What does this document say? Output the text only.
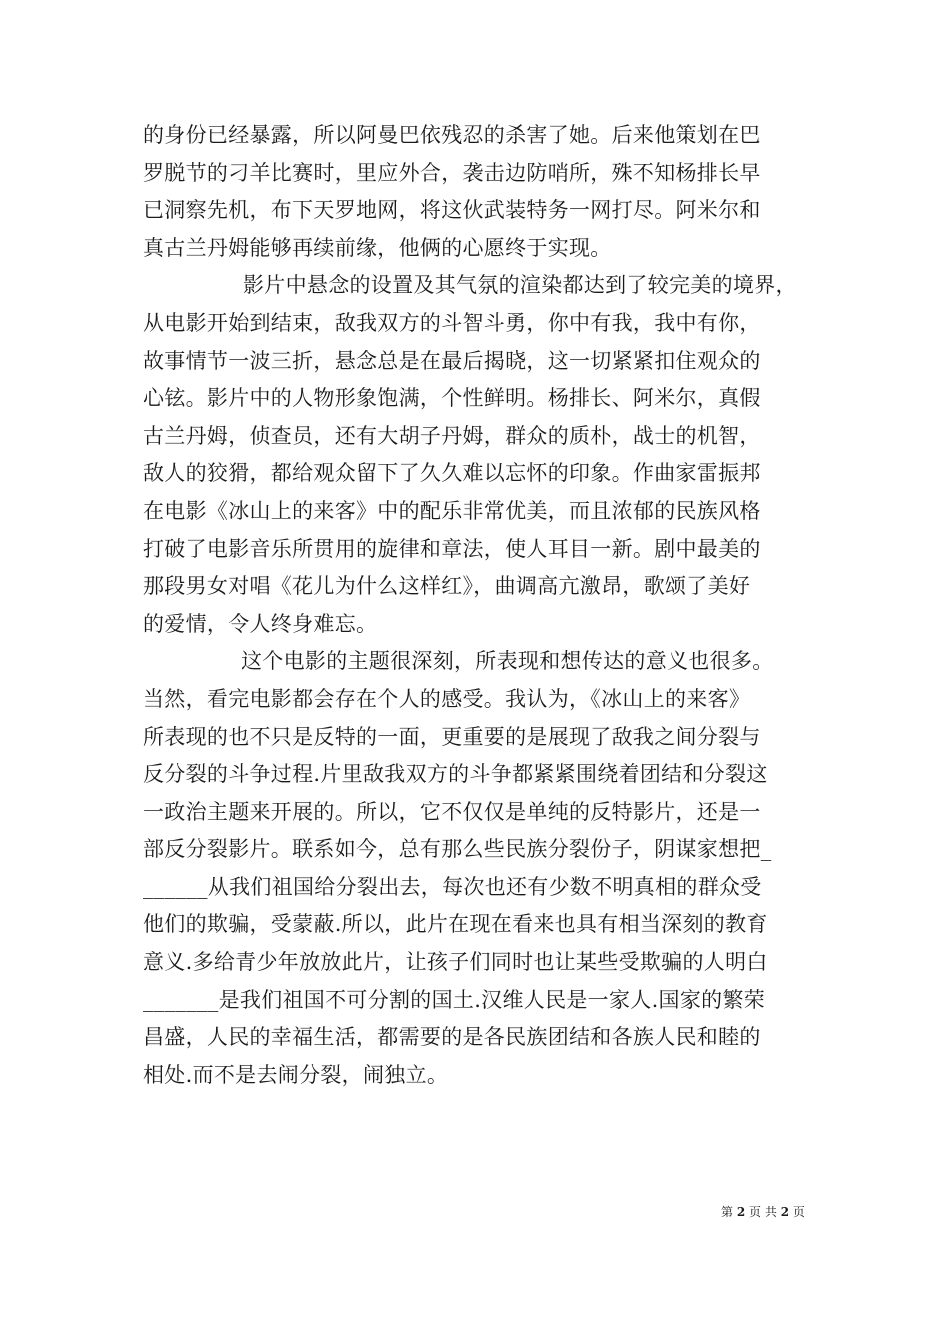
的身份已经暴露，所以阿曼巴依残忍的杀害了她。后来他策划在巴
罗脱节的刁羊比赛时，里应外合，袭击边防哨所，殊不知杨排长早
已洞察先机，布下天罗地网，将这伙武装特务一网打尽。阿米尔和
真古兰丹姆能够再续前缘，他俩的心愿终于实现。
影片中悬念的设置及其气氛的渲染都达到了较完美的境界，
从电影开始到结束，敌我双方的斗智斗勇，你中有我，我中有你，
故事情节一波三折，悬念总是在最后揭晓，这一切紧紧扣住观众的
心铉。影片中的人物形象饱满，个性鲜明。杨排长、阿米尔，真假
古兰丹姆，侦查员，还有大胡子丹姆，群众的质朴，战士的机智，
敌人的狡猾，都给观众留下了久久难以忘怀的印象。作曲家雷振邦
在电影《冰山上的来客》中的配乐非常优美，而且浓郁的民族风格
打破了电影音乐所贯用的旋律和章法，使人耳目一新。剧中最美的
那段男女对唱《花儿为什么这样红》，曲调高亢激昂，歌颂了美好
的爱情，令人终身难忘。
这个电影的主题很深刻，所表现和想传达的意义也很多。
当然，看完电影都会存在个人的感受。我认为，《冰山上的来客》
所表现的也不只是反特的一面，更重要的是展现了敌我之间分裂与
反分裂的斗争过程.片里敌我双方的斗争都紧紧围绕着团结和分裂这
一政治主题来开展的。所以，它不仅仅是单纯的反特影片，还是一
部反分裂影片。联系如今，总有那么些民族分裂份子，阴谋家想把_
______从我们祖国给分裂出去，每次也还有少数不明真相的群众受
他们的欺骗，受蒙蔽.所以，此片在现在看来也具有相当深刻的教育
意义.多给青少年放放此片，让孩子们同时也让某些受欺骗的人明白
_______是我们祖国不可分割的国土.汉维人民是一家人.国家的繁荣
昌盛，人民的幸福生活，都需要的是各民族团结和各族人民和睦的
相处.而不是去闹分裂，闹独立。
第 2 页 共 2 页
